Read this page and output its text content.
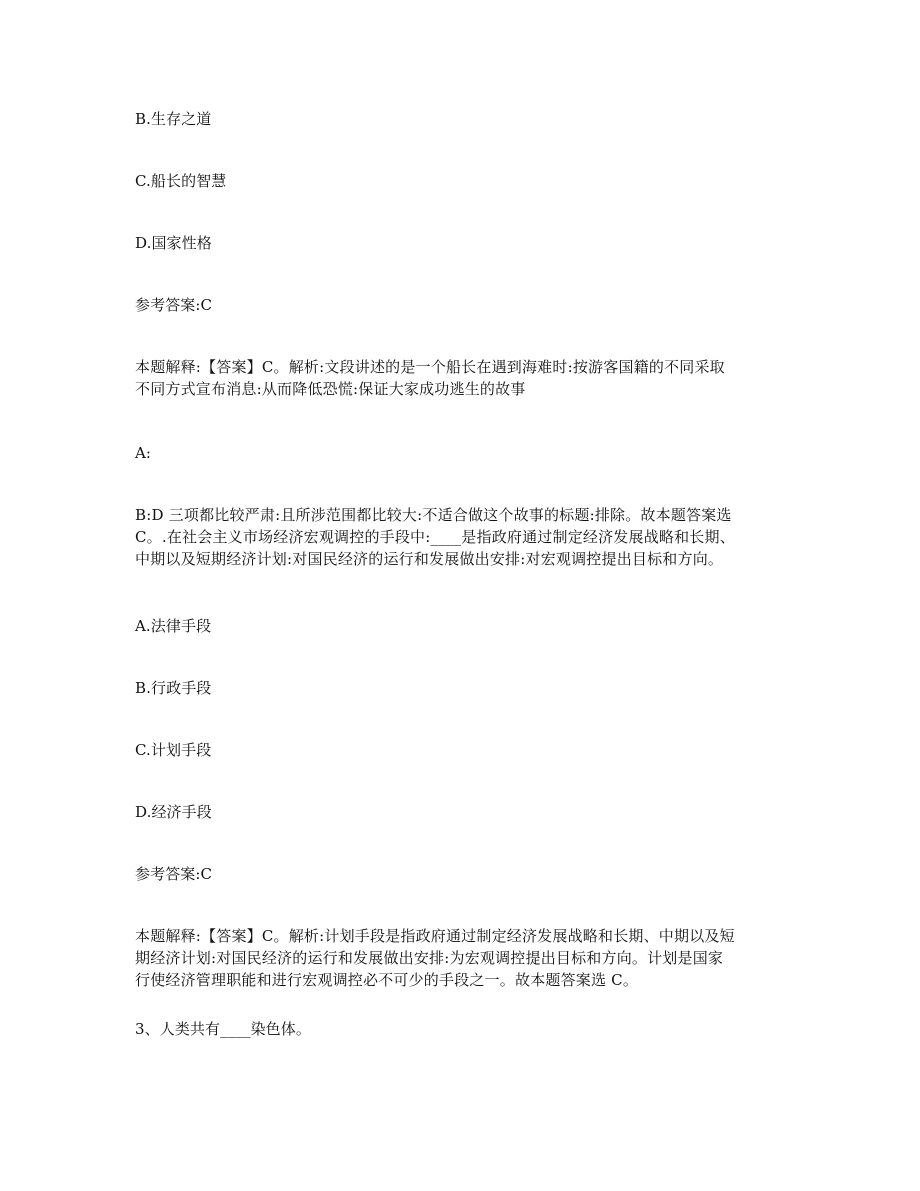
B.生存之道
C.船长的智慧
D.国家性格
参考答案:C
本题解释:【答案】C。解析:文段讲述的是一个船长在遇到海难时:按游客国籍的不同采取
不同方式宣布消息:从而降低恐慌:保证大家成功逃生的故事
A:
B:D 三项都比较严肃:且所涉范围都比较大:不适合做这个故事的标题:排除。故本题答案选
C。.在社会主义市场经济宏观调控的手段中:____是指政府通过制定经济发展战略和长期、
中期以及短期经济计划:对国民经济的运行和发展做出安排:对宏观调控提出目标和方向。
A.法律手段
B.行政手段
C.计划手段
D.经济手段
参考答案:C
本题解释:【答案】C。解析:计划手段是指政府通过制定经济发展战略和长期、中期以及短
期经济计划:对国民经济的运行和发展做出安排:为宏观调控提出目标和方向。计划是国家
行使经济管理职能和进行宏观调控必不可少的手段之一。故本题答案选 C。
3、人类共有____染色体。
